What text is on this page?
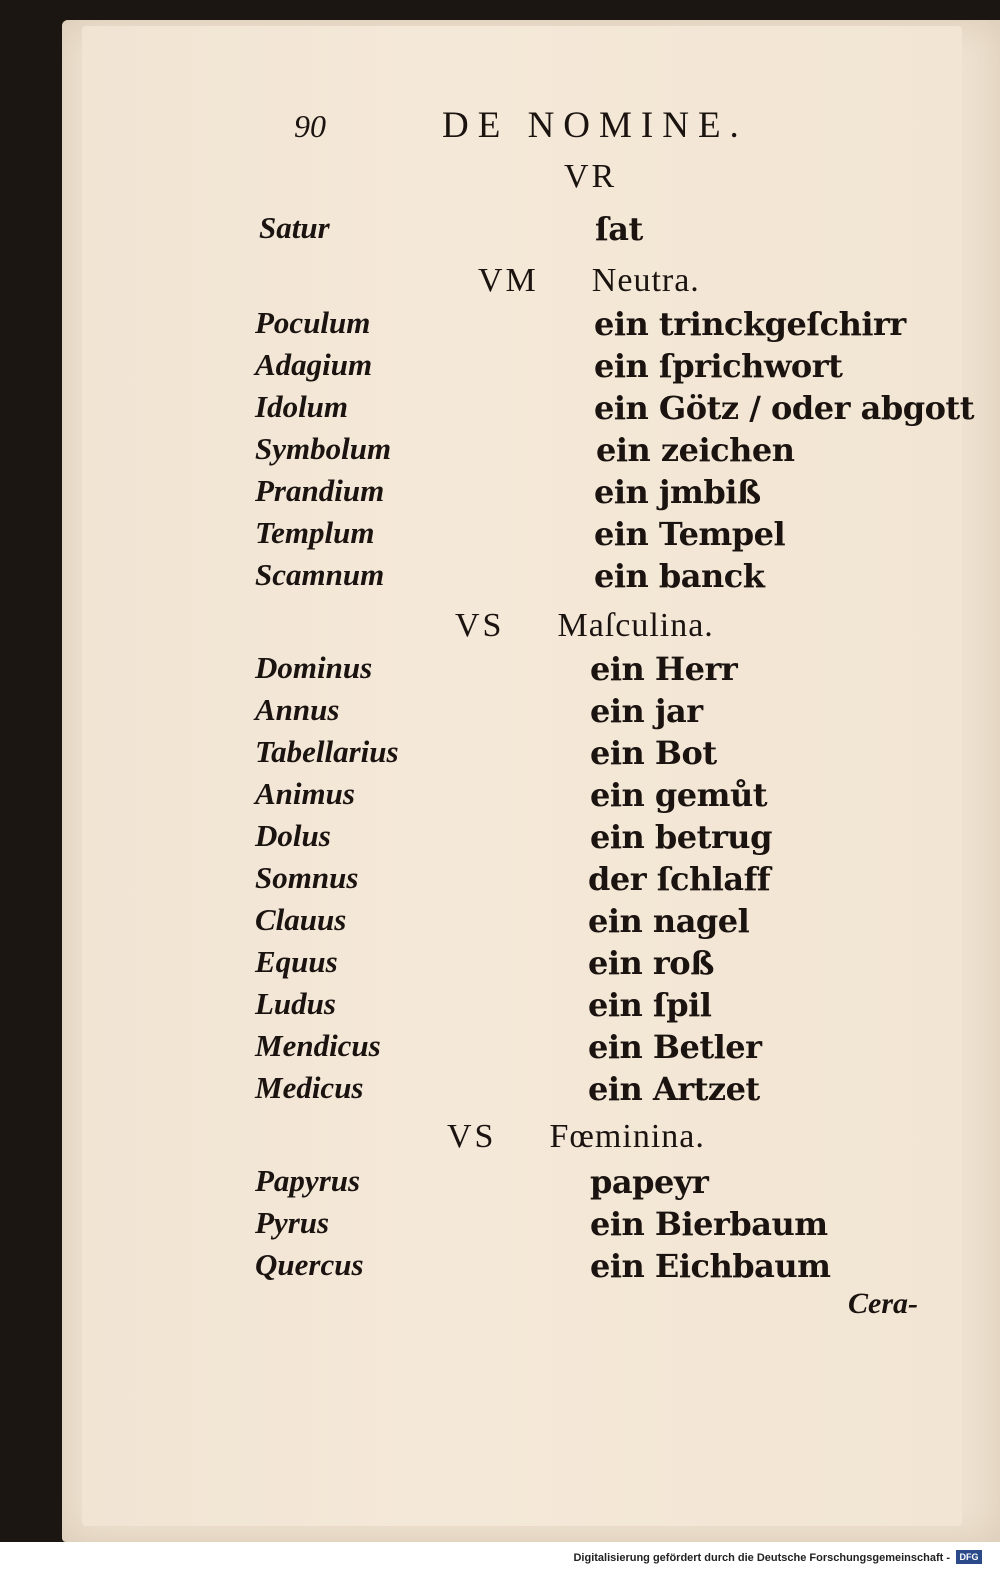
90	DE NOMINE.
VR
Satur	ſat
VM Neutra.
Poculum	ein trinckgeſchirr
Adagium	ein ſprichwort
Idolum	ein Götz / oder abgott
Symbolum	ein zeichen
Prandium	ein jmbiß
Templum	ein Tempel
Scamnum	ein banck
VS Maſculina.
Dominus	ein Herr
Annus	ein jar
Tabellarius	ein Bot
Animus	ein gemůt
Dolus	ein betrug
Somnus	der ſchlaff
Clauus	ein nagel
Equus	ein roß
Ludus	ein ſpil
Mendicus	ein Betler
Medicus	ein Artzet
VS Fœminina.
Papyrus	papeyr
Pyrus	ein Bierbaum
Quercus	ein Eichbaum
Cera-
Digitalisierung gefördert durch die Deutsche Forschungsgemeinschaft -	DFG
